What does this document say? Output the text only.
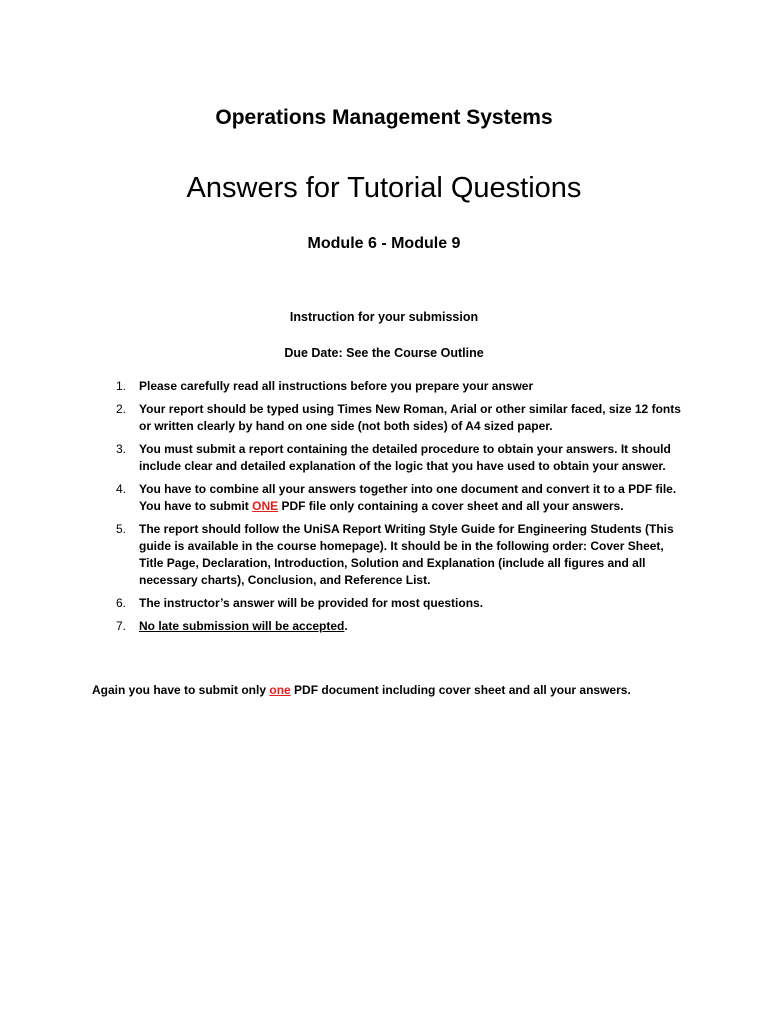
Operations Management Systems
Answers for Tutorial Questions
Module 6 - Module 9
Instruction for your submission
Due Date: See the Course Outline
1. Please carefully read all instructions before you prepare your answer
2. Your report should be typed using Times New Roman, Arial or other similar faced, size 12 fonts or written clearly by hand on one side (not both sides) of A4 sized paper.
3. You must submit a report containing the detailed procedure to obtain your answers. It should include clear and detailed explanation of the logic that you have used to obtain your answer.
4. You have to combine all your answers together into one document and convert it to a PDF file. You have to submit ONE PDF file only containing a cover sheet and all your answers.
5. The report should follow the UniSA Report Writing Style Guide for Engineering Students (This guide is available in the course homepage). It should be in the following order: Cover Sheet, Title Page, Declaration, Introduction, Solution and Explanation (include all figures and all necessary charts), Conclusion, and Reference List.
6. The instructor’s answer will be provided for most questions.
7. No late submission will be accepted.
Again you have to submit only one PDF document including cover sheet and all your answers.
